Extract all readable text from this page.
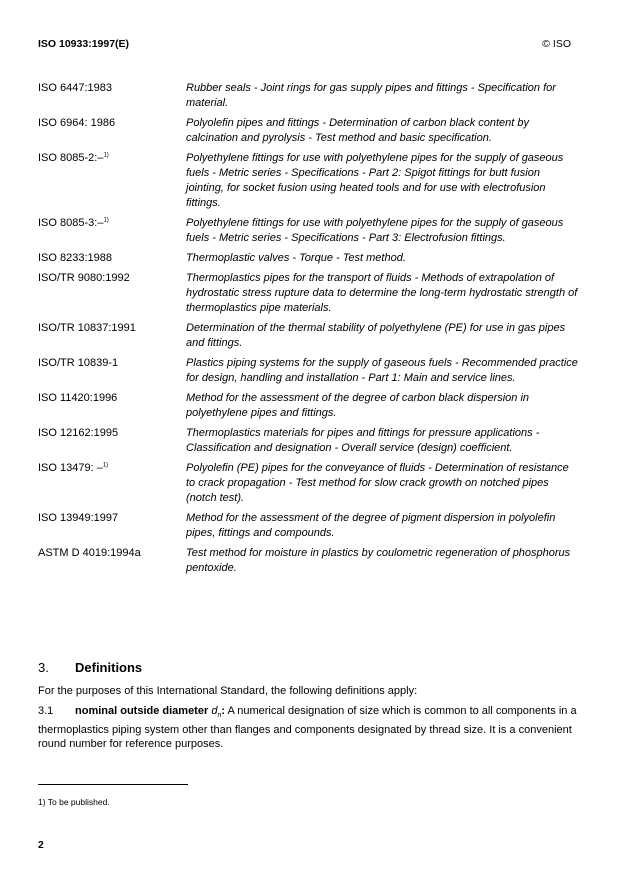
ISO 10933:1997(E)	© ISO
ISO 6447:1983	Rubber seals - Joint rings for gas supply pipes and fittings - Specification for material.
ISO 6964: 1986	Polyolefin pipes and fittings - Determination of carbon black content by calcination and pyrolysis - Test method and basic specification.
ISO 8085-2:–$^{1)}$	Polyethylene fittings for use with polyethylene pipes for the supply of gaseous fuels - Metric series - Specifications - Part 2: Spigot fittings for butt fusion jointing, for socket fusion using heated tools and for use with electrofusion fittings.
ISO 8085-3:–$^{1)}$	Polyethylene fittings for use with polyethylene pipes for the supply of gaseous fuels - Metric series - Specifications - Part 3: Electrofusion fittings.
ISO 8233:1988	Thermoplastic valves - Torque - Test method.
ISO/TR 9080:1992	Thermoplastics pipes for the transport of fluids - Methods of extrapolation of hydrostatic stress rupture data to determine the long-term hydrostatic strength of thermoplastics pipe materials.
ISO/TR 10837:1991	Determination of the thermal stability of polyethylene (PE) for use in gas pipes and fittings.
ISO/TR 10839-1	Plastics piping systems for the supply of gaseous fuels - Recommended practice for design, handling and installation - Part 1: Main and service lines.
ISO 11420:1996	Method for the assessment of the degree of carbon black dispersion in polyethylene pipes and fittings.
ISO 12162:1995	Thermoplastics materials for pipes and fittings for pressure applications - Classification and designation - Overall service (design) coefficient.
ISO 13479: –$^{1)}$	Polyolefin (PE) pipes for the conveyance of fluids - Determination of resistance to crack propagation - Test method for slow crack growth on notched pipes (notch test).
ISO 13949:1997	Method for the assessment of the degree of pigment dispersion in polyolefin pipes, fittings and compounds.
ASTM D 4019:1994a	Test method for moisture in plastics by coulometric regeneration of phosphorus pentoxide.
3. Definitions
For the purposes of this International Standard, the following definitions apply:
3.1 nominal outside diameter $d_n$: A numerical designation of size which is common to all components in a thermoplastics piping system other than flanges and components designated by thread size. It is a convenient round number for reference purposes.
1) To be published.
2
